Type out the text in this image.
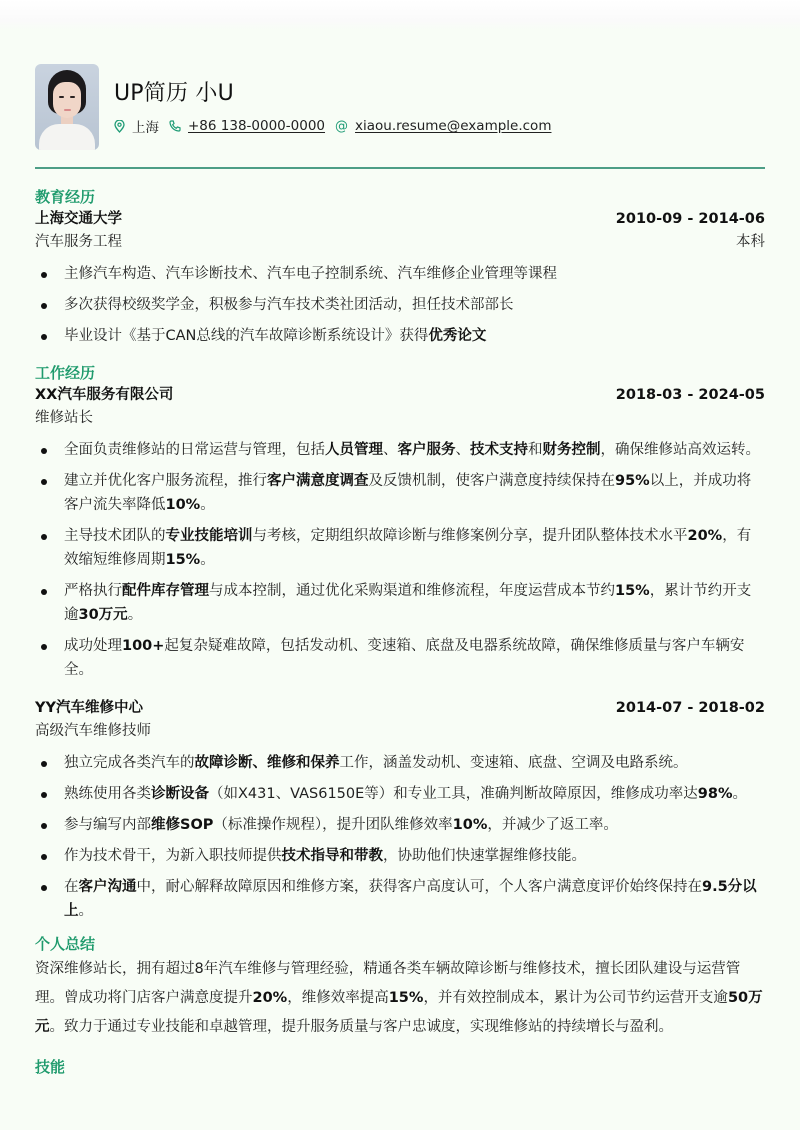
UP简历 小U
上海 +86 138-0000-0000 @ xiaou.resume@example.com
教育经历
上海交通大学	2010-09 - 2014-06
汽车服务工程	本科
主修汽车构造、汽车诊断技术、汽车电子控制系统、汽车维修企业管理等课程
多次获得校级奖学金，积极参与汽车技术类社团活动，担任技术部部长
毕业设计《基于CAN总线的汽车故障诊断系统设计》获得优秀论文
工作经历
XX汽车服务有限公司	2018-03 - 2024-05
维修站长
全面负责维修站的日常运营与管理，包括人员管理、客户服务、技术支持和财务控制，确保维修站高效运转。
建立并优化客户服务流程，推行客户满意度调查及反馈机制，使客户满意度持续保持在95%以上，并成功将客户流失率降低10%。
主导技术团队的专业技能培训与考核，定期组织故障诊断与维修案例分享，提升团队整体技术水平20%，有效缩短维修周期15%。
严格执行配件库存管理与成本控制，通过优化采购渠道和维修流程，年度运营成本节约15%，累计节约开支逾30万元。
成功处理100+起复杂疑难故障，包括发动机、变速箱、底盘及电器系统故障，确保维修质量与客户车辆安全。
YY汽车维修中心	2014-07 - 2018-02
高级汽车维修技师
独立完成各类汽车的故障诊断、维修和保养工作，涵盖发动机、变速箱、底盘、空调及电路系统。
熟练使用各类诊断设备（如X431、VAS6150E等）和专业工具，准确判断故障原因，维修成功率达98%。
参与编写内部维修SOP（标准操作规程），提升团队维修效率10%，并减少了返工率。
作为技术骨干，为新入职技师提供技术指导和带教，协助他们快速掌握维修技能。
在客户沟通中，耐心解释故障原因和维修方案，获得客户高度认可，个人客户满意度评价始终保持在9.5分以上。
个人总结

资深维修站长，拥有超过8年汽车维修与管理经验，精通各类车辆故障诊断与维修技术，擅长团队建设与运营管理。曾成功将门店客户满意度提升20%，维修效率提高15%，并有效控制成本，累计为公司节约运营开支逾50万元。致力于通过专业技能和卓越管理，提升服务质量与客户忠诚度，实现维修站的持续增长与盈利。

技能
